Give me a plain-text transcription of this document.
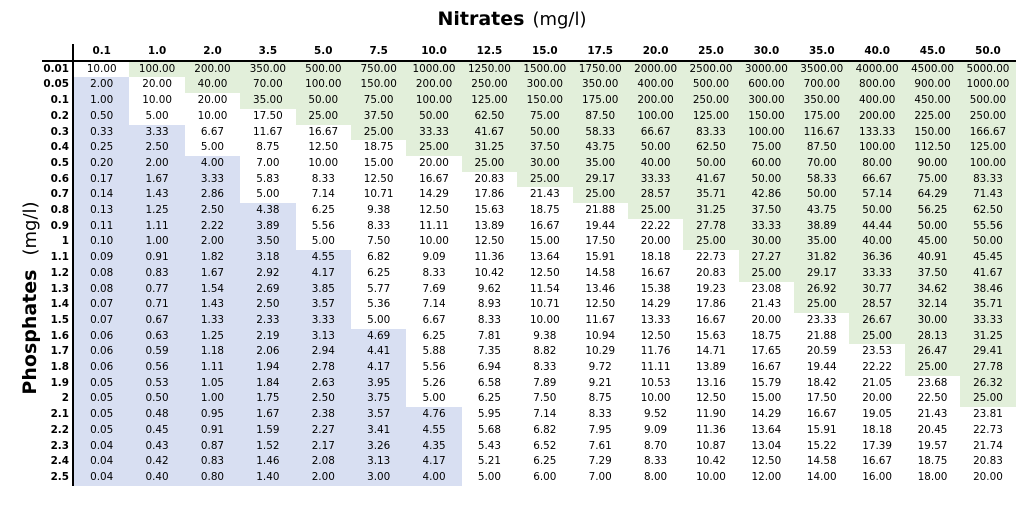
Nitrates (mg/l)
Phosphates(mg/l)
	0.1	1.0	2.0	3.5	5.0	7.5	10.0	12.5	15.0	17.5	20.0	25.0	30.0	35.0	40.0	45.0	50.0
0.01	10.00	100.00	200.00	350.00	500.00	750.00	1000.00	1250.00	1500.00	1750.00	2000.00	2500.00	3000.00	3500.00	4000.00	4500.00	5000.00
0.05	2.00	20.00	40.00	70.00	100.00	150.00	200.00	250.00	300.00	350.00	400.00	500.00	600.00	700.00	800.00	900.00	1000.00
0.1	1.00	10.00	20.00	35.00	50.00	75.00	100.00	125.00	150.00	175.00	200.00	250.00	300.00	350.00	400.00	450.00	500.00
0.2	0.50	5.00	10.00	17.50	25.00	37.50	50.00	62.50	75.00	87.50	100.00	125.00	150.00	175.00	200.00	225.00	250.00
0.3	0.33	3.33	6.67	11.67	16.67	25.00	33.33	41.67	50.00	58.33	66.67	83.33	100.00	116.67	133.33	150.00	166.67
0.4	0.25	2.50	5.00	8.75	12.50	18.75	25.00	31.25	37.50	43.75	50.00	62.50	75.00	87.50	100.00	112.50	125.00
0.5	0.20	2.00	4.00	7.00	10.00	15.00	20.00	25.00	30.00	35.00	40.00	50.00	60.00	70.00	80.00	90.00	100.00
0.6	0.17	1.67	3.33	5.83	8.33	12.50	16.67	20.83	25.00	29.17	33.33	41.67	50.00	58.33	66.67	75.00	83.33
0.7	0.14	1.43	2.86	5.00	7.14	10.71	14.29	17.86	21.43	25.00	28.57	35.71	42.86	50.00	57.14	64.29	71.43
0.8	0.13	1.25	2.50	4.38	6.25	9.38	12.50	15.63	18.75	21.88	25.00	31.25	37.50	43.75	50.00	56.25	62.50
0.9	0.11	1.11	2.22	3.89	5.56	8.33	11.11	13.89	16.67	19.44	22.22	27.78	33.33	38.89	44.44	50.00	55.56
1	0.10	1.00	2.00	3.50	5.00	7.50	10.00	12.50	15.00	17.50	20.00	25.00	30.00	35.00	40.00	45.00	50.00
1.1	0.09	0.91	1.82	3.18	4.55	6.82	9.09	11.36	13.64	15.91	18.18	22.73	27.27	31.82	36.36	40.91	45.45
1.2	0.08	0.83	1.67	2.92	4.17	6.25	8.33	10.42	12.50	14.58	16.67	20.83	25.00	29.17	33.33	37.50	41.67
1.3	0.08	0.77	1.54	2.69	3.85	5.77	7.69	9.62	11.54	13.46	15.38	19.23	23.08	26.92	30.77	34.62	38.46
1.4	0.07	0.71	1.43	2.50	3.57	5.36	7.14	8.93	10.71	12.50	14.29	17.86	21.43	25.00	28.57	32.14	35.71
1.5	0.07	0.67	1.33	2.33	3.33	5.00	6.67	8.33	10.00	11.67	13.33	16.67	20.00	23.33	26.67	30.00	33.33
1.6	0.06	0.63	1.25	2.19	3.13	4.69	6.25	7.81	9.38	10.94	12.50	15.63	18.75	21.88	25.00	28.13	31.25
1.7	0.06	0.59	1.18	2.06	2.94	4.41	5.88	7.35	8.82	10.29	11.76	14.71	17.65	20.59	23.53	26.47	29.41
1.8	0.06	0.56	1.11	1.94	2.78	4.17	5.56	6.94	8.33	9.72	11.11	13.89	16.67	19.44	22.22	25.00	27.78
1.9	0.05	0.53	1.05	1.84	2.63	3.95	5.26	6.58	7.89	9.21	10.53	13.16	15.79	18.42	21.05	23.68	26.32
2	0.05	0.50	1.00	1.75	2.50	3.75	5.00	6.25	7.50	8.75	10.00	12.50	15.00	17.50	20.00	22.50	25.00
2.1	0.05	0.48	0.95	1.67	2.38	3.57	4.76	5.95	7.14	8.33	9.52	11.90	14.29	16.67	19.05	21.43	23.81
2.2	0.05	0.45	0.91	1.59	2.27	3.41	4.55	5.68	6.82	7.95	9.09	11.36	13.64	15.91	18.18	20.45	22.73
2.3	0.04	0.43	0.87	1.52	2.17	3.26	4.35	5.43	6.52	7.61	8.70	10.87	13.04	15.22	17.39	19.57	21.74
2.4	0.04	0.42	0.83	1.46	2.08	3.13	4.17	5.21	6.25	7.29	8.33	10.42	12.50	14.58	16.67	18.75	20.83
2.5	0.04	0.40	0.80	1.40	2.00	3.00	4.00	5.00	6.00	7.00	8.00	10.00	12.00	14.00	16.00	18.00	20.00
